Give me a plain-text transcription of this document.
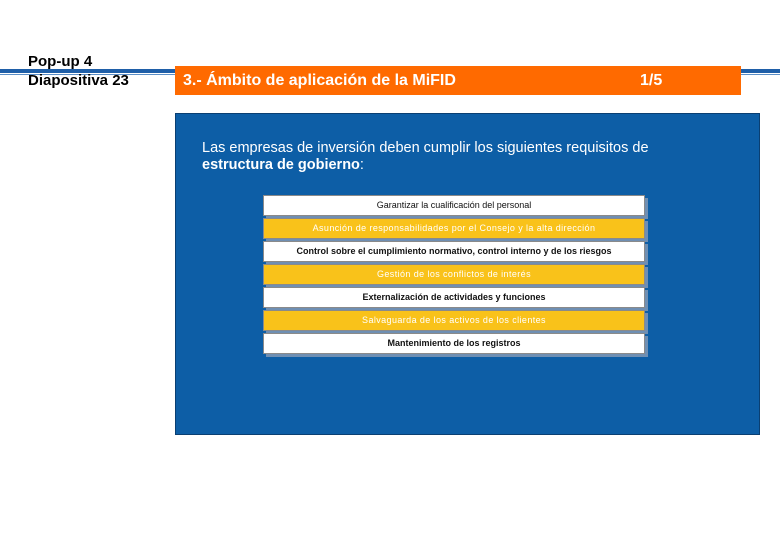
Pop-up 4
Diapositiva 23	3.- Ámbito de aplicación de la MiFID	1/5
Las empresas de inversión deben cumplir los siguientes requisitos de estructura de gobierno:
Garantizar la cualificación del personal
Asunción de responsabilidades por el Consejo y la alta dirección
Control sobre el cumplimiento normativo, control interno y de los riesgos
Gestión de los conflictos de interés
Externalización de actividades y funciones
Salvaguarda de los activos de los clientes
Mantenimiento de los registros
